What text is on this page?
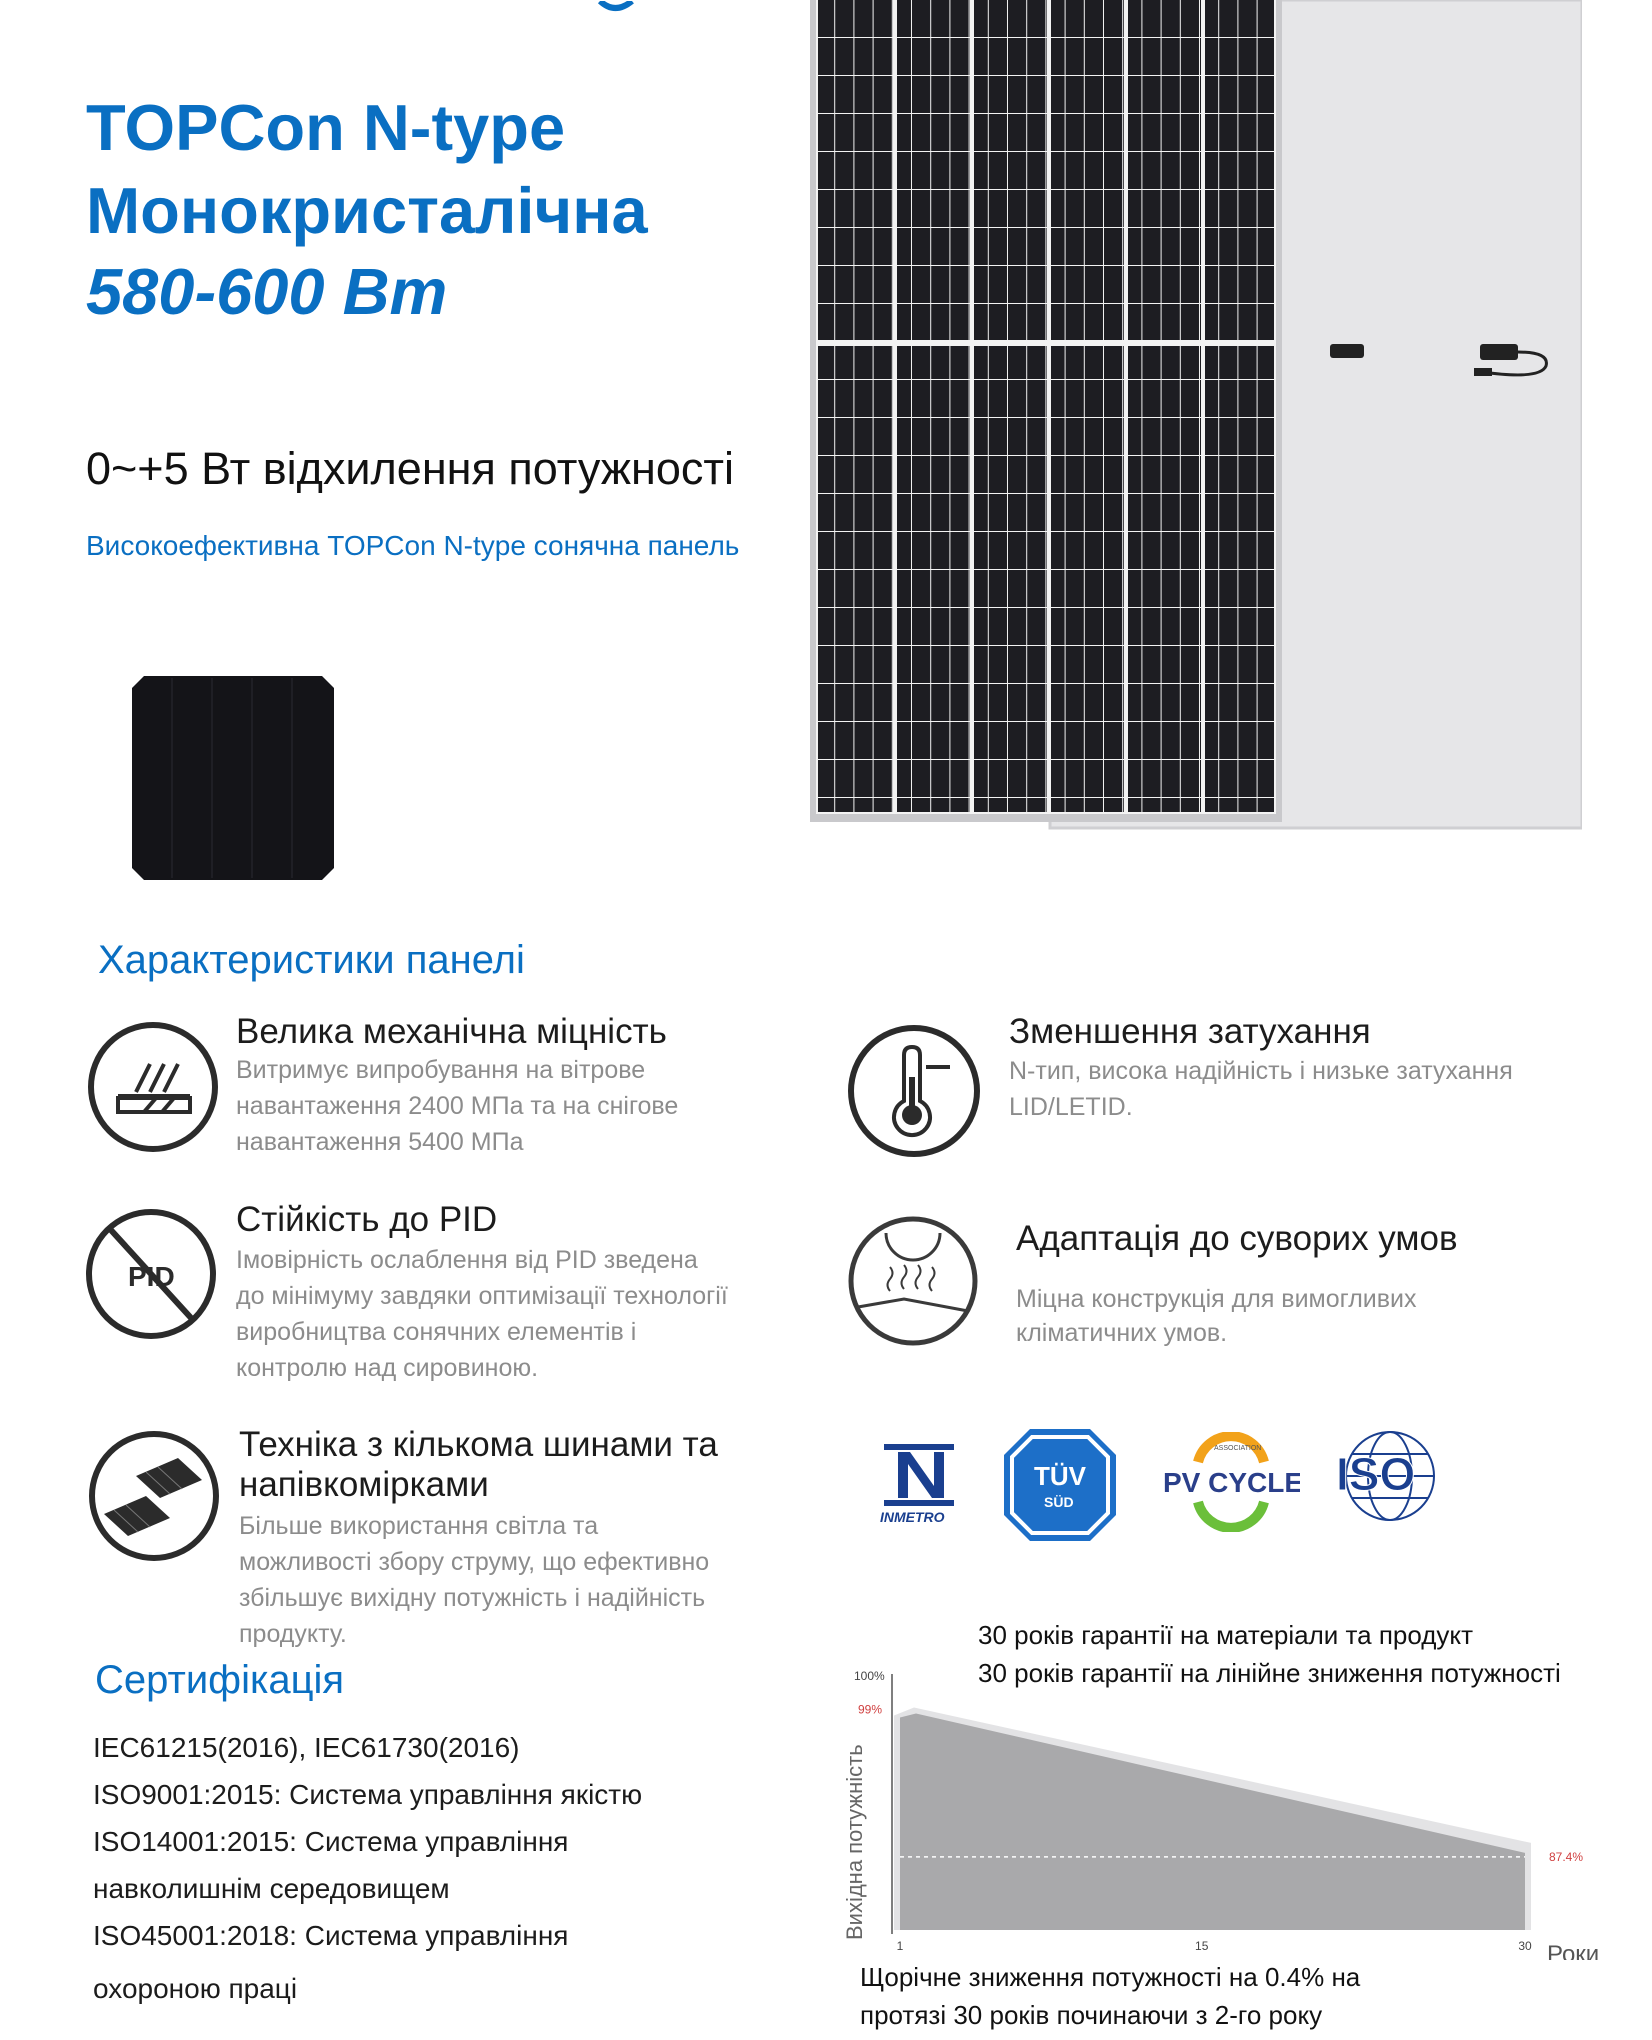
TOPCon N-type
Монокристалічна
580-600 Вт
0~+5 Вт відхилення потужності
Високоефективна TOPCon N-type сонячна панель
Характеристики панелі
Велика механічна міцність
Витримує випробування на вітрове
навантаження 2400 МПа та на снігове
навантаження 5400 МПа
Зменшення затухання
N-тип, висока надійність і низьке затухання
LID/LETID.
PID
Стійкість до PID
Імовірність ослаблення від PID зведена
до мінімуму завдяки оптимізації технології
виробництва сонячних елементів і
контролю над сировиною.
Адаптація до суворих умов
Міцна конструкція для вимогливих
кліматичних умов.
Техніка з кількома шинами та
напівкомірками
Більше використання світла та
можливості збору струму, що ефективно
збільшує вихідну потужність і надійність
продукту.
INMETRO
TÜV
SÜD
ASSOCIATION
PV CYCLE ISO
Сертифікація
IEC61215(2016), IEC61730(2016)
ISO9001:2015: Система управління якістю
ISO14001:2015: Система управління
навколишнім середовищем
ISO45001:2018: Система управління
охороною праці
30 років гарантії на матеріали та продукт
30 років гарантії на лінійне зниження потужності
100%
99%
87.4%
1	15	30 Роки
Вихідна потужність
Щорічне зниження потужності на 0.4% на
протязі 30 років починаючи з 2-го року
